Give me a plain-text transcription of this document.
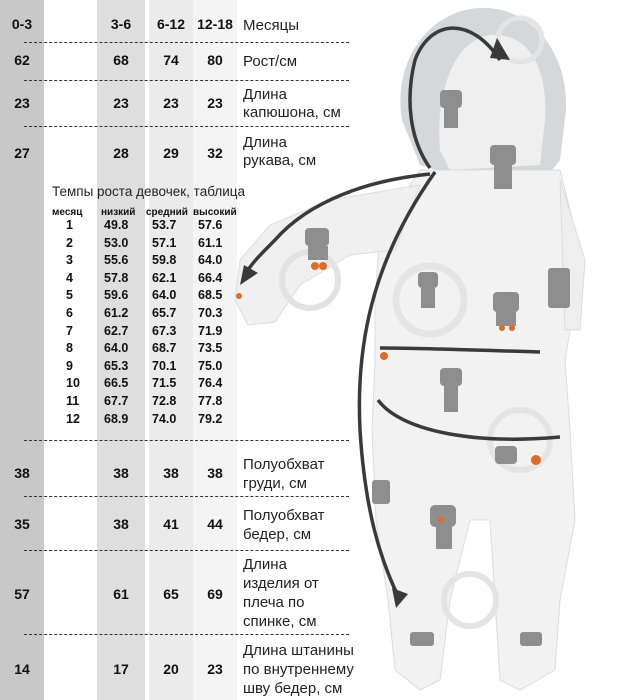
0-3	3-6	6-12 12-18 Месяцы
62	68	74	80	Рост/см
23	23	23	23	Длина
капюшона, см
27	28	29	32
Длина
рукава, см
Темпы роста девочек, таблица
месяц низкий средний высокий
1 49.8 53.7 57.6
2 53.0 57.1 61.1
3 55.6 59.8 64.0
4 57.8 62.1 66.4
5 59.6 64.0 68.5
6 61.2 65.7 70.3
7 62.7 67.3 71.9
8 64.0 68.7 73.5
9 65.3 70.1 75.0
10 66.5 71.5 76.4
11 67.7 72.8 77.8
12 68.9 74.0 79.2
38	38	38	38	Полуобхват
груди, см
35	38	41	44	Полуобхват
бедер, см
57	61	65	69
Длина
изделия от
плеча по
спинке, см
14	17	20	23
Длина штанины
по внутреннему
шву бедер, см
